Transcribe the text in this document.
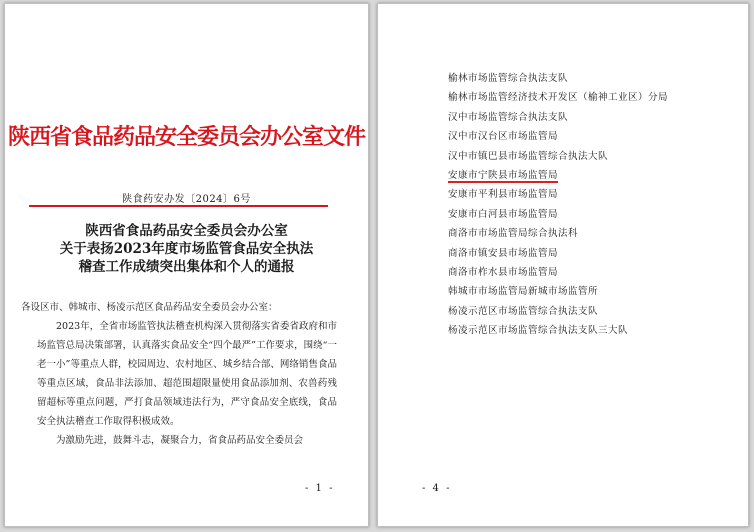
陕西省食品药品安全委员会办公室文件
陕食药安办发〔2024〕6号
陕西省食品药品安全委员会办公室
关于表扬2023年度市场监管食品安全执法
稽查工作成绩突出集体和个人的通报

各设区市、韩城市、杨凌示范区食品药品安全委员会办公室：

2023年，全省市场监管执法稽查机构深入贯彻落实省委省政府和市场监管总局决策部署，认真落实食品安全“四个最严”工作要求，围绕“一老一小”等重点人群，校园周边、农村地区、城乡结合部、网络销售食品等重点区域，食品非法添加、超范围超限量使用食品添加剂、农兽药残留超标等重点问题，严打食品领域违法行为，严守食品安全底线，食品安全执法稽查工作取得积极成效。

为激励先进，鼓舞斗志，凝聚合力，省食品药品安全委员会

- 1 -
榆林市场监管综合执法支队
榆林市场监管经济技术开发区（榆神工业区）分局
汉中市场监管综合执法支队
汉中市汉台区市场监管局
汉中市镇巴县市场监管综合执法大队
安康市宁陕县市场监管局
安康市平利县市场监管局
安康市白河县市场监管局
商洛市市场监管局综合执法科
商洛市镇安县市场监管局
商洛市柞水县市场监管局
韩城市市场监管局新城市场监管所
杨凌示范区市场监管综合执法支队
杨凌示范区市场监管综合执法支队三大队
- 4 -
